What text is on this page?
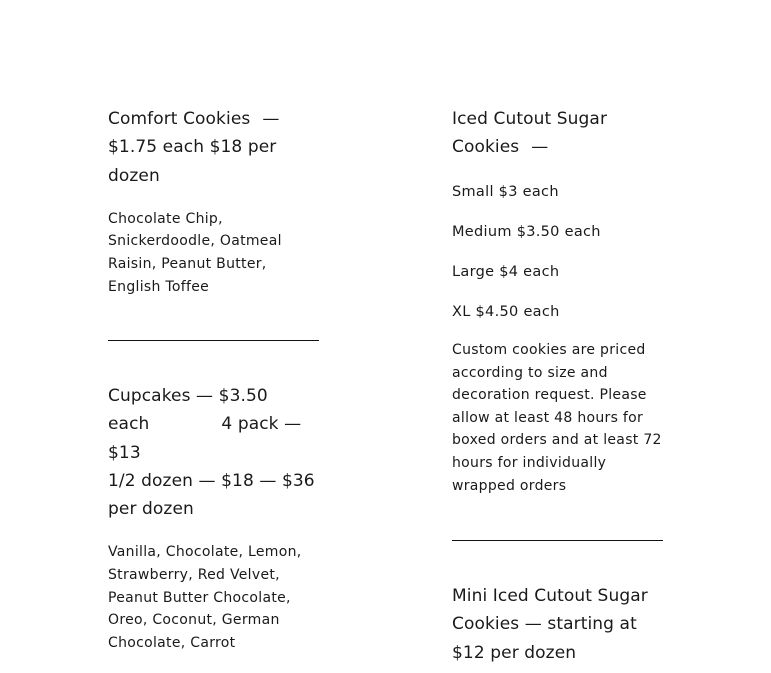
Comfort Cookies —
$1.75 each $18 per dozen

Chocolate Chip, Snickerdoodle, Oatmeal Raisin, Peanut Butter, English Toffee

Cupcakes — $3.50
each	4 pack —
$13
1/2 dozen — $18 — $36
per dozen

Vanilla, Chocolate, Lemon, Strawberry, Red Velvet, Peanut Butter Chocolate, Oreo, Coconut, German Chocolate, Carrot

Iced Cutout Sugar
Cookies —

Small $3 each

Medium $3.50 each

Large $4 each

XL $4.50 each

Custom cookies are priced according to size and decoration request. Please allow at least 48 hours for boxed orders and at least 72 hours for individually wrapped orders

Mini Iced Cutout Sugar
Cookies — starting at
$12 per dozen
